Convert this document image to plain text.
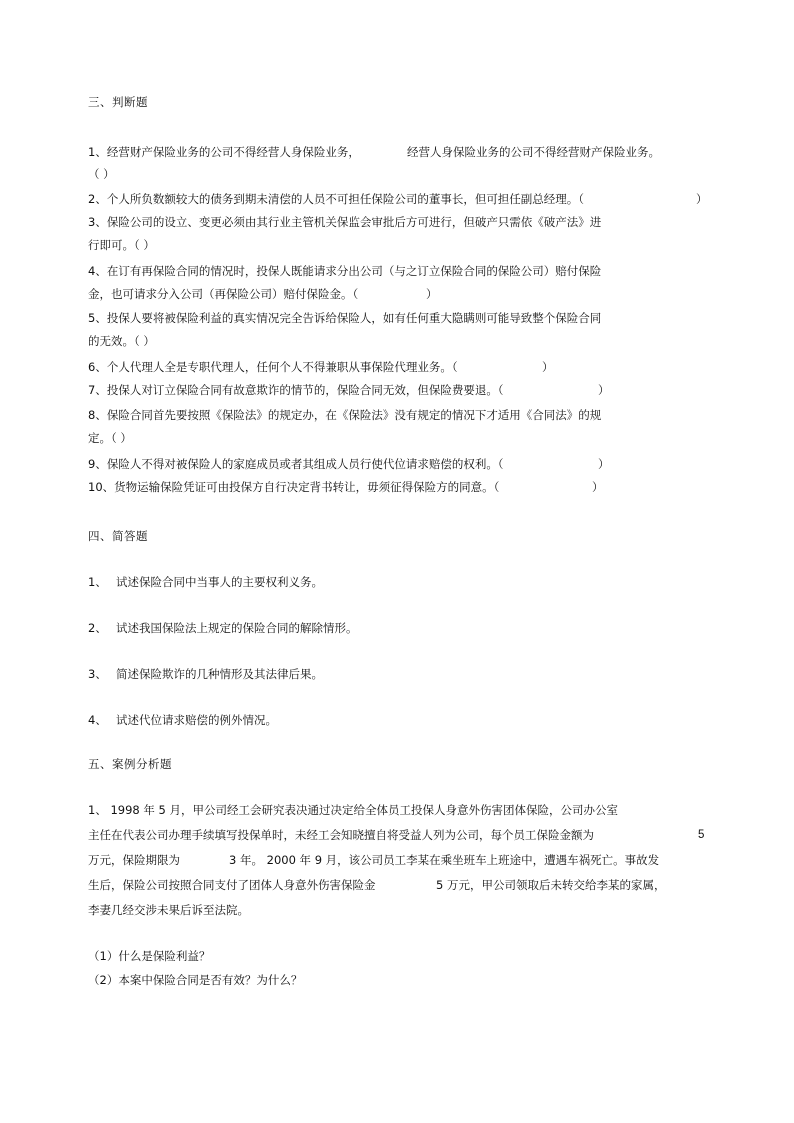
三、判断题
1、经营财产保险业务的公司不得经营人身保险业务，	经营人身保险业务的公司不得经营财产保险业务。
（ ）
2、个人所负数额较大的债务到期未清偿的人员不可担任保险公司的董事长，但可担任副总经理。（	）
3、保险公司的设立、变更必须由其行业主管机关保监会审批后方可进行，但破产只需依《破产法》进
行即可。（ ）
4、在订有再保险合同的情况时，投保人既能请求分出公司（与之订立保险合同的保险公司）赔付保险
金，也可请求分入公司（再保险公司）赔付保险金。（	）
5、投保人要将被保险利益的真实情况完全告诉给保险人，如有任何重大隐瞒则可能导致整个保险合同
的无效。（ ）
6、个人代理人全是专职代理人，任何个人不得兼职从事保险代理业务。（	）
7、投保人对订立保险合同有故意欺诈的情节的，保险合同无效，但保险费要退。（	）
8、保险合同首先要按照《保险法》的规定办，在《保险法》没有规定的情况下才适用《合同法》的规
定。（ ）
9、保险人不得对被保险人的家庭成员或者其组成人员行使代位请求赔偿的权利。（	）
10、货物运输保险凭证可由投保方自行决定背书转让，毋须征得保险方的同意。（	）
四、简答题
1、 试述保险合同中当事人的主要权利义务。
2、 试述我国保险法上规定的保险合同的解除情形。
3、 简述保险欺诈的几种情形及其法律后果。
4、 试述代位请求赔偿的例外情况。
五、案例分析题
1、 1998 年 5 月，甲公司经工会研究表决通过决定给全体员工投保人身意外伤害团体保险，公司办公室
主任在代表公司办理手续填写投保单时，未经工会知晓擅自将受益人列为公司，每个员工保险金额为	5
万元，保险期限为	3 年。 2000 年 9 月，该公司员工李某在乘坐班车上班途中，遭遇车祸死亡。事故发
生后，保险公司按照合同支付了团体人身意外伤害保险金	5 万元，甲公司领取后未转交给李某的家属，
李妻几经交涉未果后诉至法院。
（1）什么是保险利益？
（2）本案中保险合同是否有效？为什么？
